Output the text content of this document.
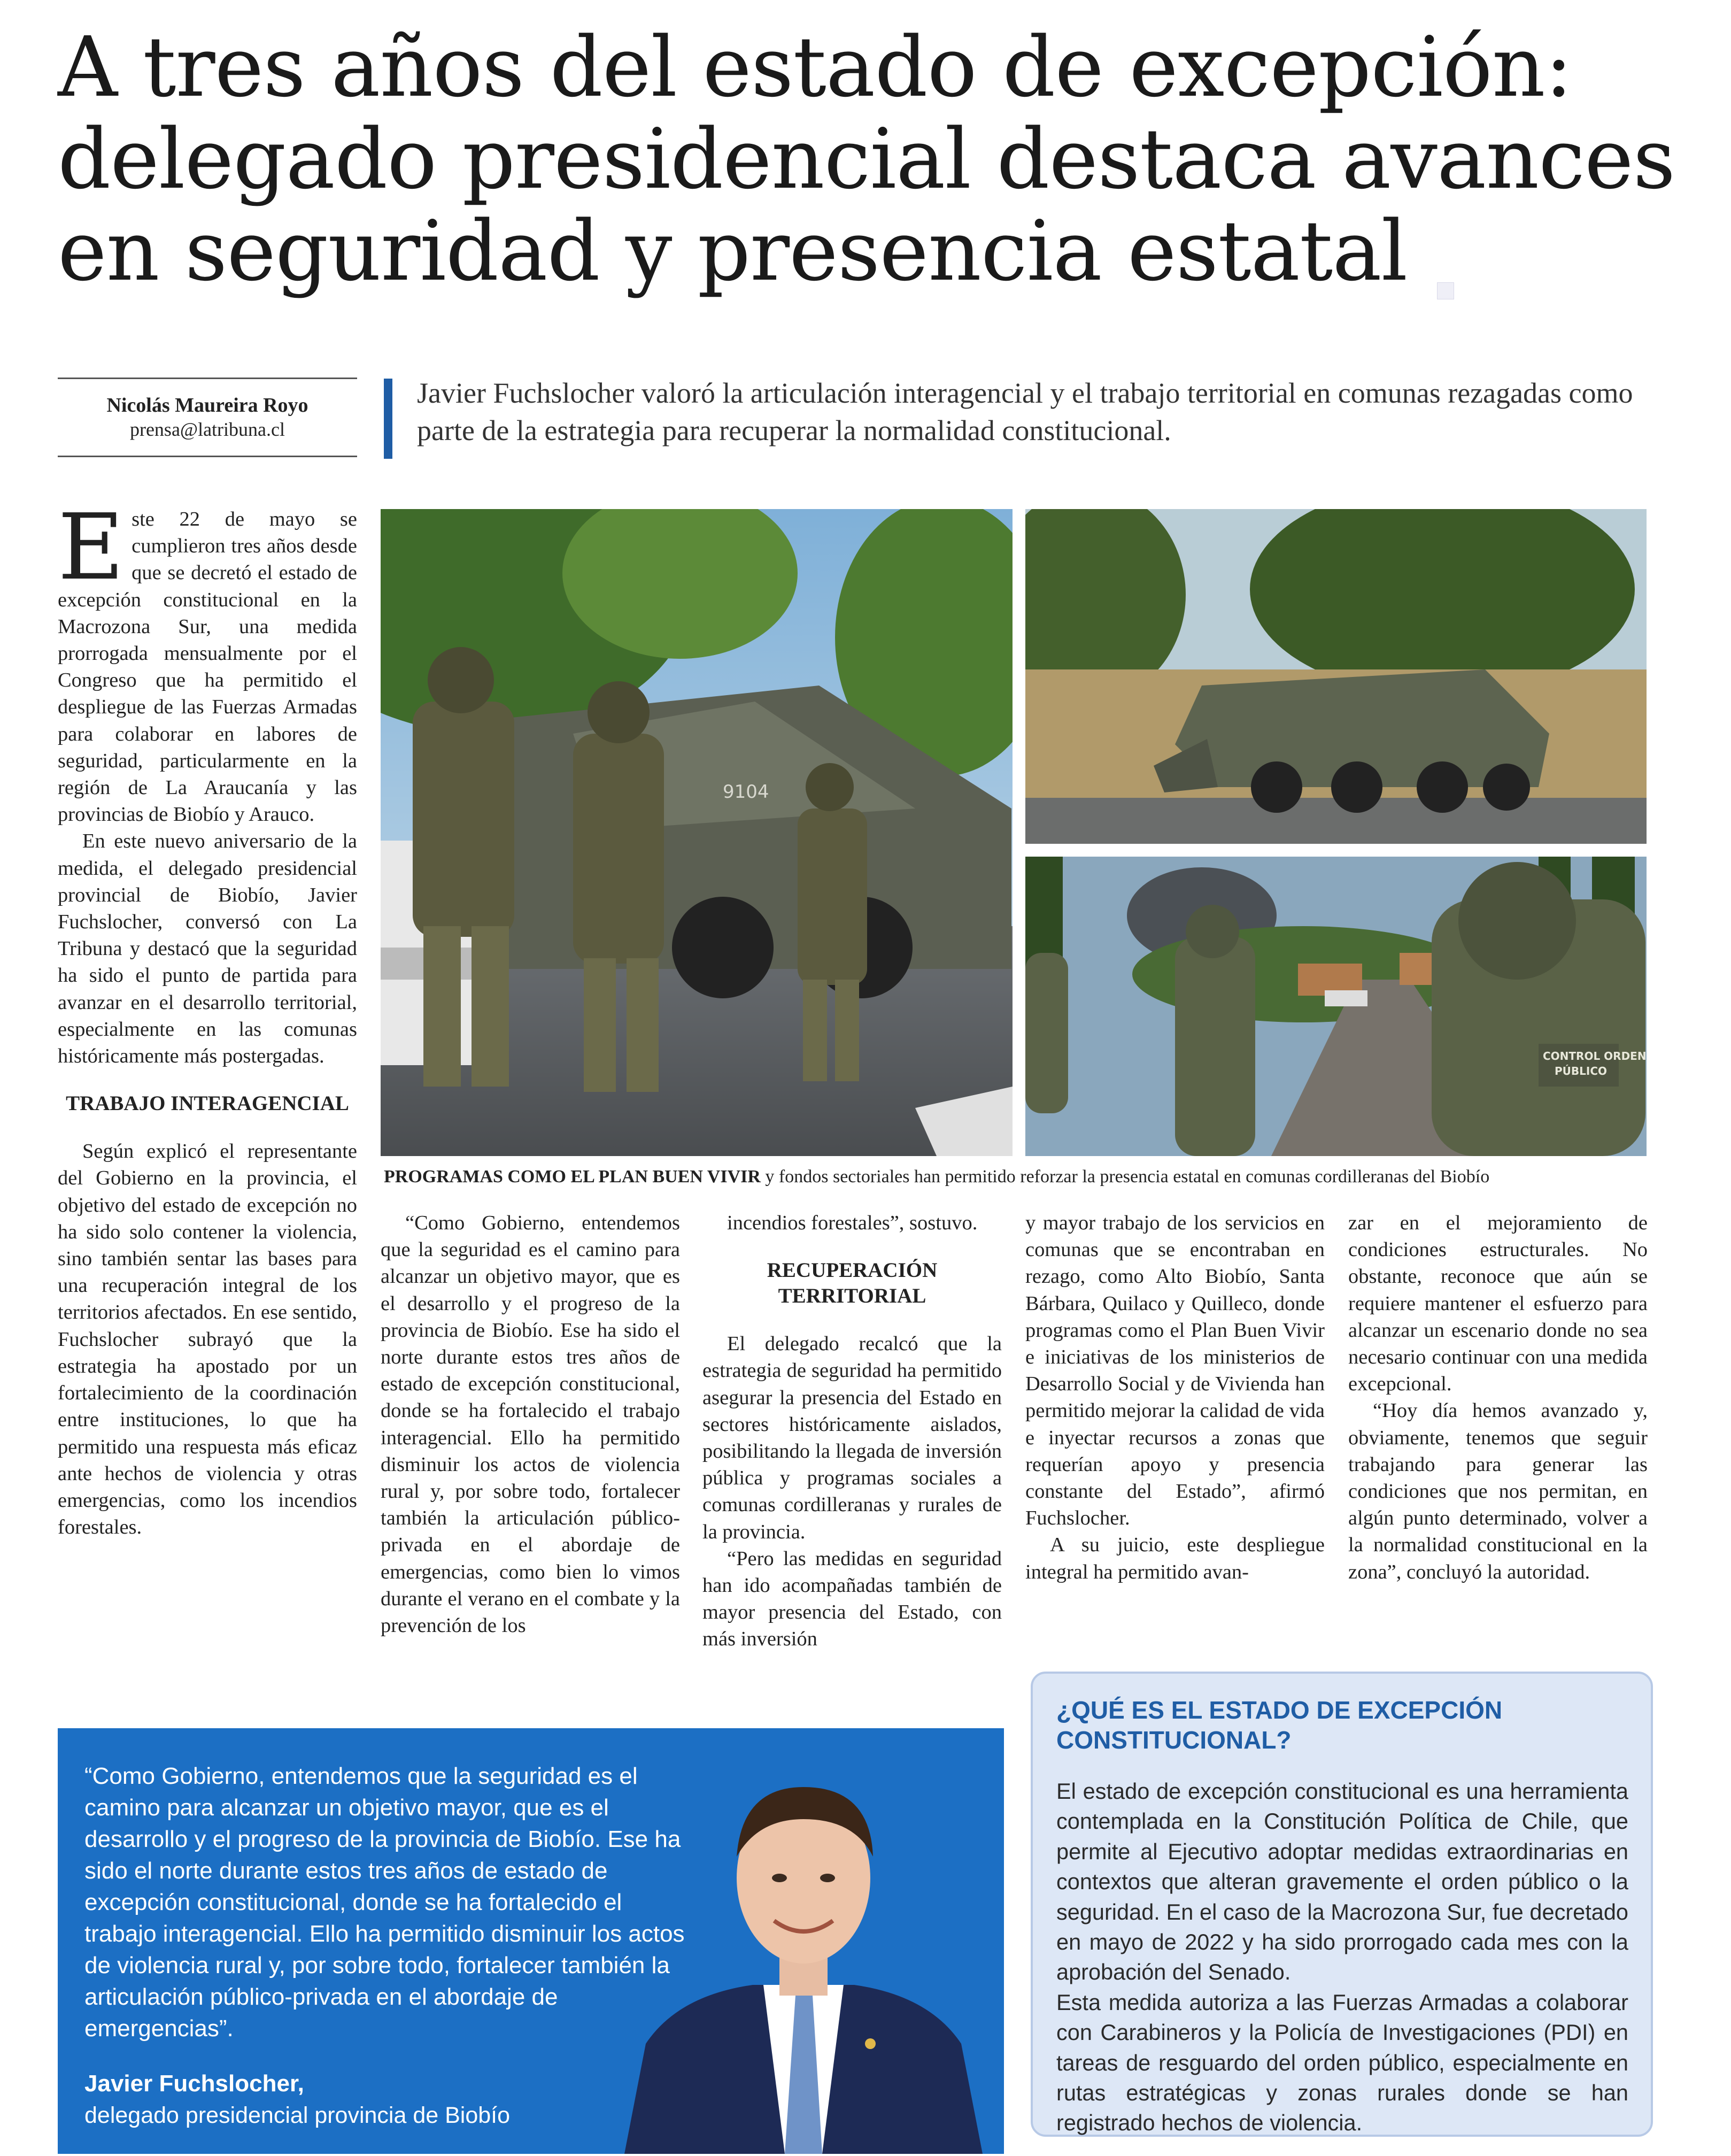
A tres años del estado de excepción:
delegado presidencial destaca avances
en seguridad y presencia estatal
Nicolás Maureira Royo
prensa@latribuna.cl
Javier Fuchslocher valoró la articulación interagencial y el trabajo territorial en comunas rezagadas como parte de la estrategia para recuperar la normalidad constitucional.

Este 22 de mayo se cumplieron tres años desde que se decretó el estado de excepción constitucional en la Macrozona Sur, una medida prorrogada mensualmente por el Congreso que ha permitido el despliegue de las Fuerzas Armadas para colaborar en labores de seguridad, particularmente en la región de La Araucanía y las provincias de Biobío y Arauco.

En este nuevo aniversario de la medida, el delegado presidencial provincial de Biobío, Javier Fuchslocher, conversó con La Tribuna y destacó que la seguridad ha sido el punto de partida para avanzar en el desarrollo territorial, especialmente en las comunas históricamente más postergadas.

TRABAJO INTERAGENCIAL

Según explicó el representante del Gobierno en la provincia, el objetivo del estado de excepción no ha sido solo contener la violencia, sino también sentar las bases para una recuperación integral de los territorios afectados. En ese sentido, Fuchslocher subrayó que la estrategia ha apostado por un fortalecimiento de la coordinación entre instituciones, lo que ha permitido una respuesta más eficaz ante hechos de violencia y otras emergencias, como los incendios forestales.

9104
CONTROL ORDEN
PÚBLICO
PROGRAMAS COMO EL PLAN BUEN VIVIR y fondos sectoriales han permitido reforzar la presencia estatal en comunas cordilleranas del Biobío

“Como Gobierno, entendemos que la seguridad es el camino para alcanzar un objetivo mayor, que es el desarrollo y el progreso de la provincia de Biobío. Ese ha sido el norte durante estos tres años de estado de excepción constitucional, donde se ha fortalecido el trabajo interagencial. Ello ha permitido disminuir los actos de violencia rural y, por sobre todo, fortalecer también la articulación público-privada en el abordaje de emergencias, como bien lo vimos durante el verano en el combate y la prevención de los

incendios forestales”, sostuvo.

RECUPERACIÓN TERRITORIAL

El delegado recalcó que la estrategia de seguridad ha permitido asegurar la presencia del Estado en sectores históricamente aislados, posibilitando la llegada de inversión pública y programas sociales a comunas cordilleranas y rurales de la provincia.

“Pero las medidas en seguridad han ido acompañadas también de mayor presencia del Estado, con más inversión

y mayor trabajo de los servicios en comunas que se encontraban en rezago, como Alto Biobío, Santa Bárbara, Quilaco y Quilleco, donde programas como el Plan Buen Vivir e iniciativas de los ministerios de Desarrollo Social y de Vivienda han permitido mejorar la calidad de vida e inyectar recursos a zonas que requerían apoyo y presencia constante del Estado”, afirmó Fuchslocher.

A su juicio, este despliegue integral ha permitido avan-

zar en el mejoramiento de condiciones estructurales. No obstante, reconoce que aún se requiere mantener el esfuerzo para alcanzar un escenario donde no sea necesario continuar con una medida excepcional.

“Hoy día hemos avanzado y, obviamente, tenemos que seguir trabajando para generar las condiciones que nos permitan, en algún punto determinado, volver a la normalidad constitucional en la zona”, concluyó la autoridad.

“Como Gobierno, entendemos que la seguridad es el camino para alcanzar un objetivo mayor, que es el desarrollo y el progreso de la provincia de Biobío. Ese ha sido el norte durante estos tres años de estado de excepción constitucional, donde se ha fortalecido el trabajo interagencial. Ello ha permitido disminuir los actos de violencia rural y, por sobre todo, fortalecer también la articulación público-privada en el abordaje de emergencias”.
Javier Fuchslocher,
delegado presidencial provincia de Biobío
¿QUÉ ES EL ESTADO DE EXCEPCIÓN CONSTITUCIONAL?

El estado de excepción constitucional es una herramienta contemplada en la Constitución Política de Chile, que permite al Ejecutivo adoptar medidas extraordinarias en contextos que alteran gravemente el orden público o la seguridad. En el caso de la Macrozona Sur, fue decretado en mayo de 2022 y ha sido prorrogado cada mes con la aprobación del Senado.

Esta medida autoriza a las Fuerzas Armadas a colaborar con Carabineros y la Policía de Investigaciones (PDI) en tareas de resguardo del orden público, especialmente en rutas estratégicas y zonas rurales donde se han registrado hechos de violencia.
